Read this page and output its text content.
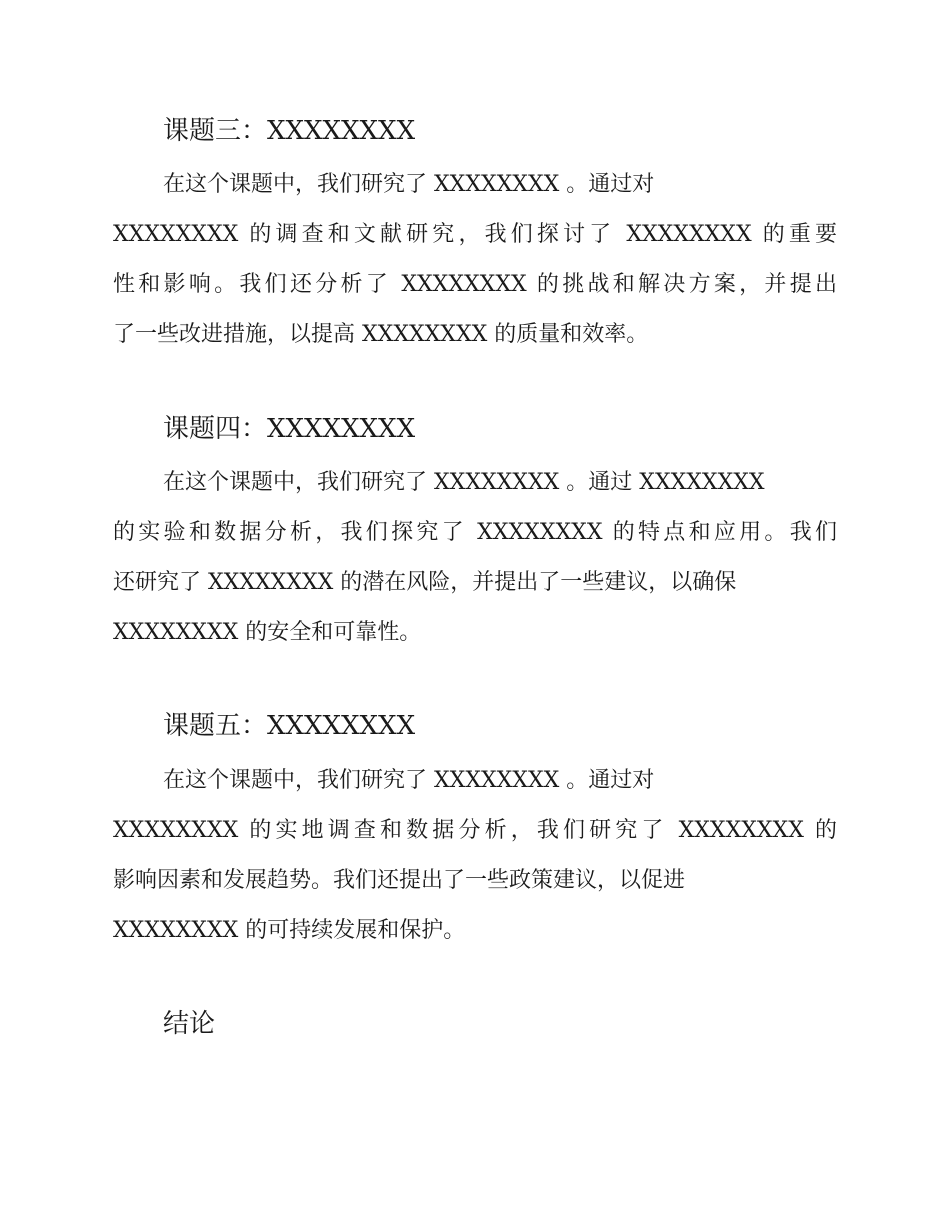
课题三：XXXXXXXX

在这个课题中，我们研究了 XXXXXXXX 。通过对

XXXXXXXX 的调查和文献研究，我们探讨了 XXXXXXXX 的重要

性和影响。我们还分析了 XXXXXXXX 的挑战和解决方案，并提出

了一些改进措施，以提高 XXXXXXXX 的质量和效率。

课题四：XXXXXXXX

在这个课题中，我们研究了 XXXXXXXX 。通过 XXXXXXXX

的实验和数据分析，我们探究了 XXXXXXXX 的特点和应用。我们

还研究了 XXXXXXXX 的潜在风险，并提出了一些建议，以确保

XXXXXXXX 的安全和可靠性。

课题五：XXXXXXXX

在这个课题中，我们研究了 XXXXXXXX 。通过对

XXXXXXXX 的实地调查和数据分析，我们研究了 XXXXXXXX 的

影响因素和发展趋势。我们还提出了一些政策建议，以促进

XXXXXXXX 的可持续发展和保护。

结论
